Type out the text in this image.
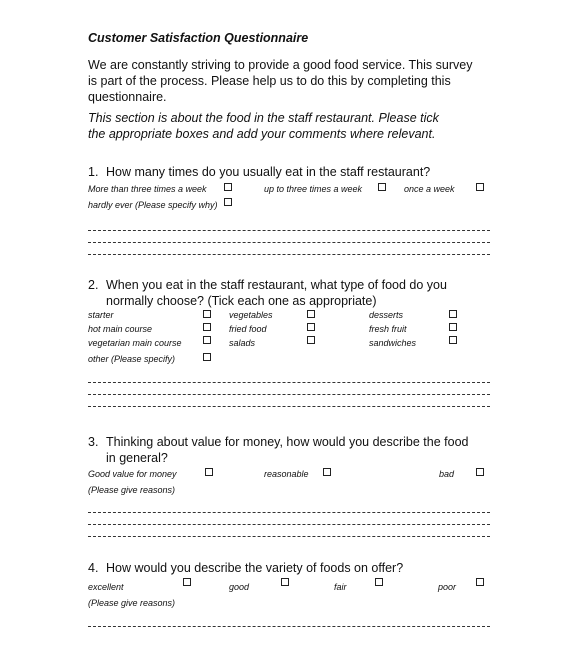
Customer Satisfaction Questionnaire
We are constantly striving to provide a good food service. This survey is part of the process. Please help us to do this by completing this questionnaire.
This section is about the food in the staff restaurant. Please tick the appropriate boxes and add your comments where relevant.
1. How many times do you usually eat in the staff restaurant?
More than three times a week	up to three times a week	once a week
hardly ever (Please specify why)
2. When you eat in the staff restaurant, what type of food do you normally choose? (Tick each one as appropriate)
starter	vegetables	desserts
hot main course	fried food	fresh fruit
vegetarian main course	salads	sandwiches
other (Please specify)
3. Thinking about value for money, how would you describe the food in general?
Good value for money	reasonable	bad
(Please give reasons)
4. How would you describe the variety of foods on offer?
excellent	good	fair	poor
(Please give reasons)
